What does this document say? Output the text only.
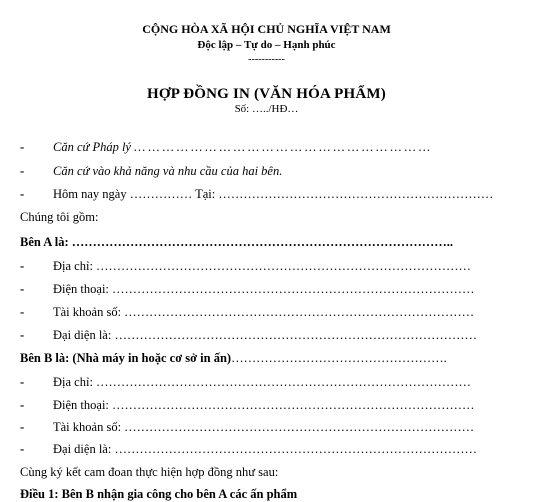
CỘNG HÒA XÃ HỘI CHỦ NGHĨA VIỆT NAM
Độc lập – Tự do – Hạnh phúc
-----------
HỢP ĐỒNG IN (VĂN HÓA PHẨM)
Số: …../HĐ…
- Căn cứ Pháp lý … … … … … … … … … … … … … … … … … … … … …
- Căn cứ vào khả năng và nhu cầu của hai bên.
- Hôm nay ngày …………… Tại: …………………………………………………………
Chúng tôi gồm:
Bên A là: ………………………………………………………………………………..
- Địa chỉ: ………………………………………………………………………………
- Điện thoại: ……………………………………………………………………………
- Tài khoản số: …………………………………………………………………………
- Đại diện là: ……………………………………………………………………………
Bên B là: (Nhà máy in hoặc cơ sở in ấn)…………………………………………….
- Địa chỉ: ………………………………………………………………………………
- Điện thoại: ……………………………………………………………………………
- Tài khoản số: …………………………………………………………………………
- Đại diện là: ……………………………………………………………………………
Cùng ký kết cam đoan thực hiện hợp đồng như sau:
Điều 1: Bên B nhận gia công cho bên A các ấn phẩm
